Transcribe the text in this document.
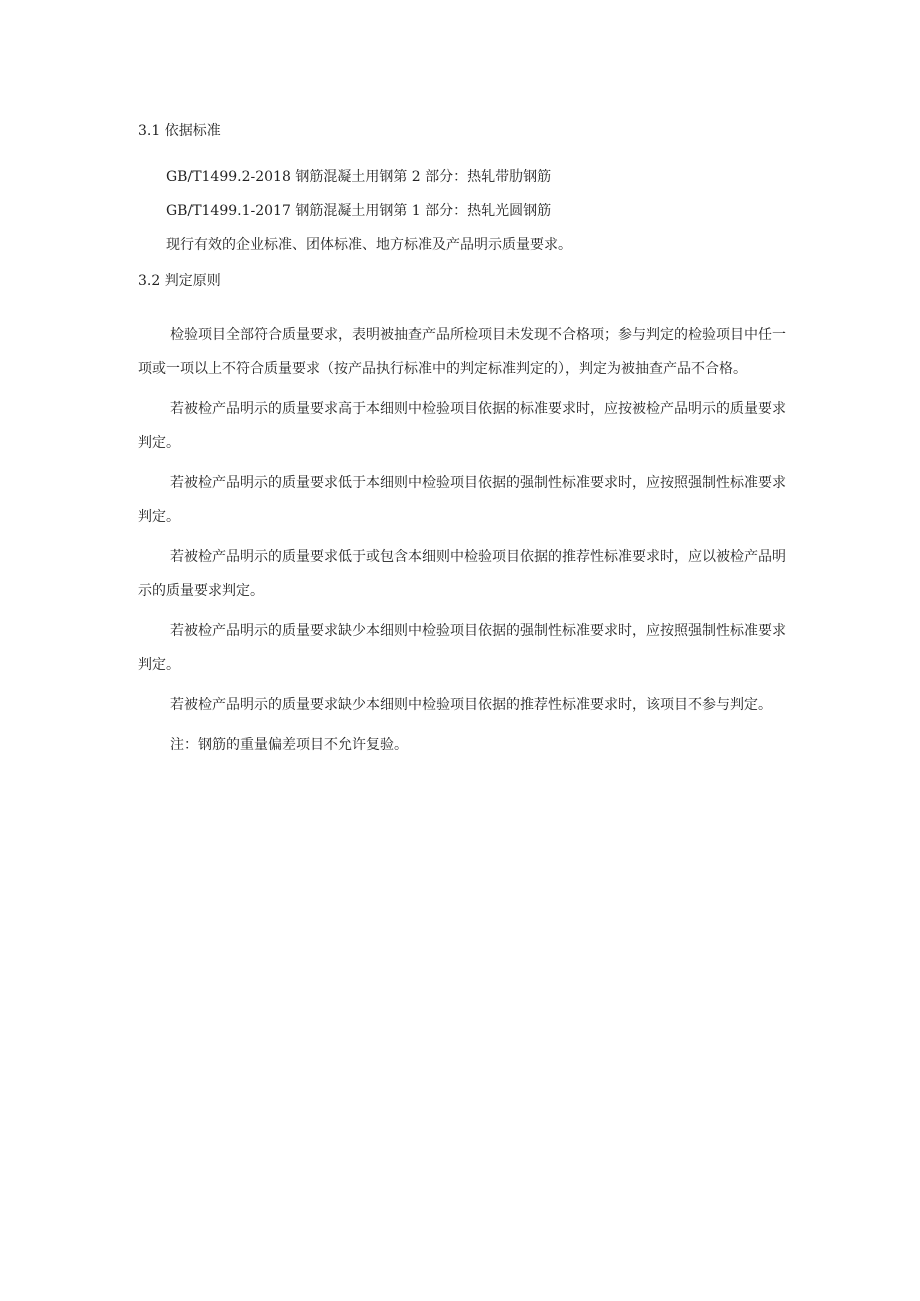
3.1 依据标准

GB/T1499.2-2018 钢筋混凝土用钢第 2 部分：热轧带肋钢筋

GB/T1499.1-2017 钢筋混凝土用钢第 1 部分：热轧光圆钢筋

现行有效的企业标准、团体标准、地方标准及产品明示质量要求。

3.2 判定原则

检验项目全部符合质量要求，表明被抽查产品所检项目未发现不合格项；参与判定的检验项目中任一项或一项以上不符合质量要求（按产品执行标准中的判定标准判定的），判定为被抽查产品不合格。

若被检产品明示的质量要求高于本细则中检验项目依据的标准要求时，应按被检产品明示的质量要求判定。

若被检产品明示的质量要求低于本细则中检验项目依据的强制性标准要求时，应按照强制性标准要求判定。

若被检产品明示的质量要求低于或包含本细则中检验项目依据的推荐性标准要求时，应以被检产品明示的质量要求判定。

若被检产品明示的质量要求缺少本细则中检验项目依据的强制性标准要求时，应按照强制性标准要求判定。

若被检产品明示的质量要求缺少本细则中检验项目依据的推荐性标准要求时，该项目不参与判定。

注：钢筋的重量偏差项目不允许复验。
